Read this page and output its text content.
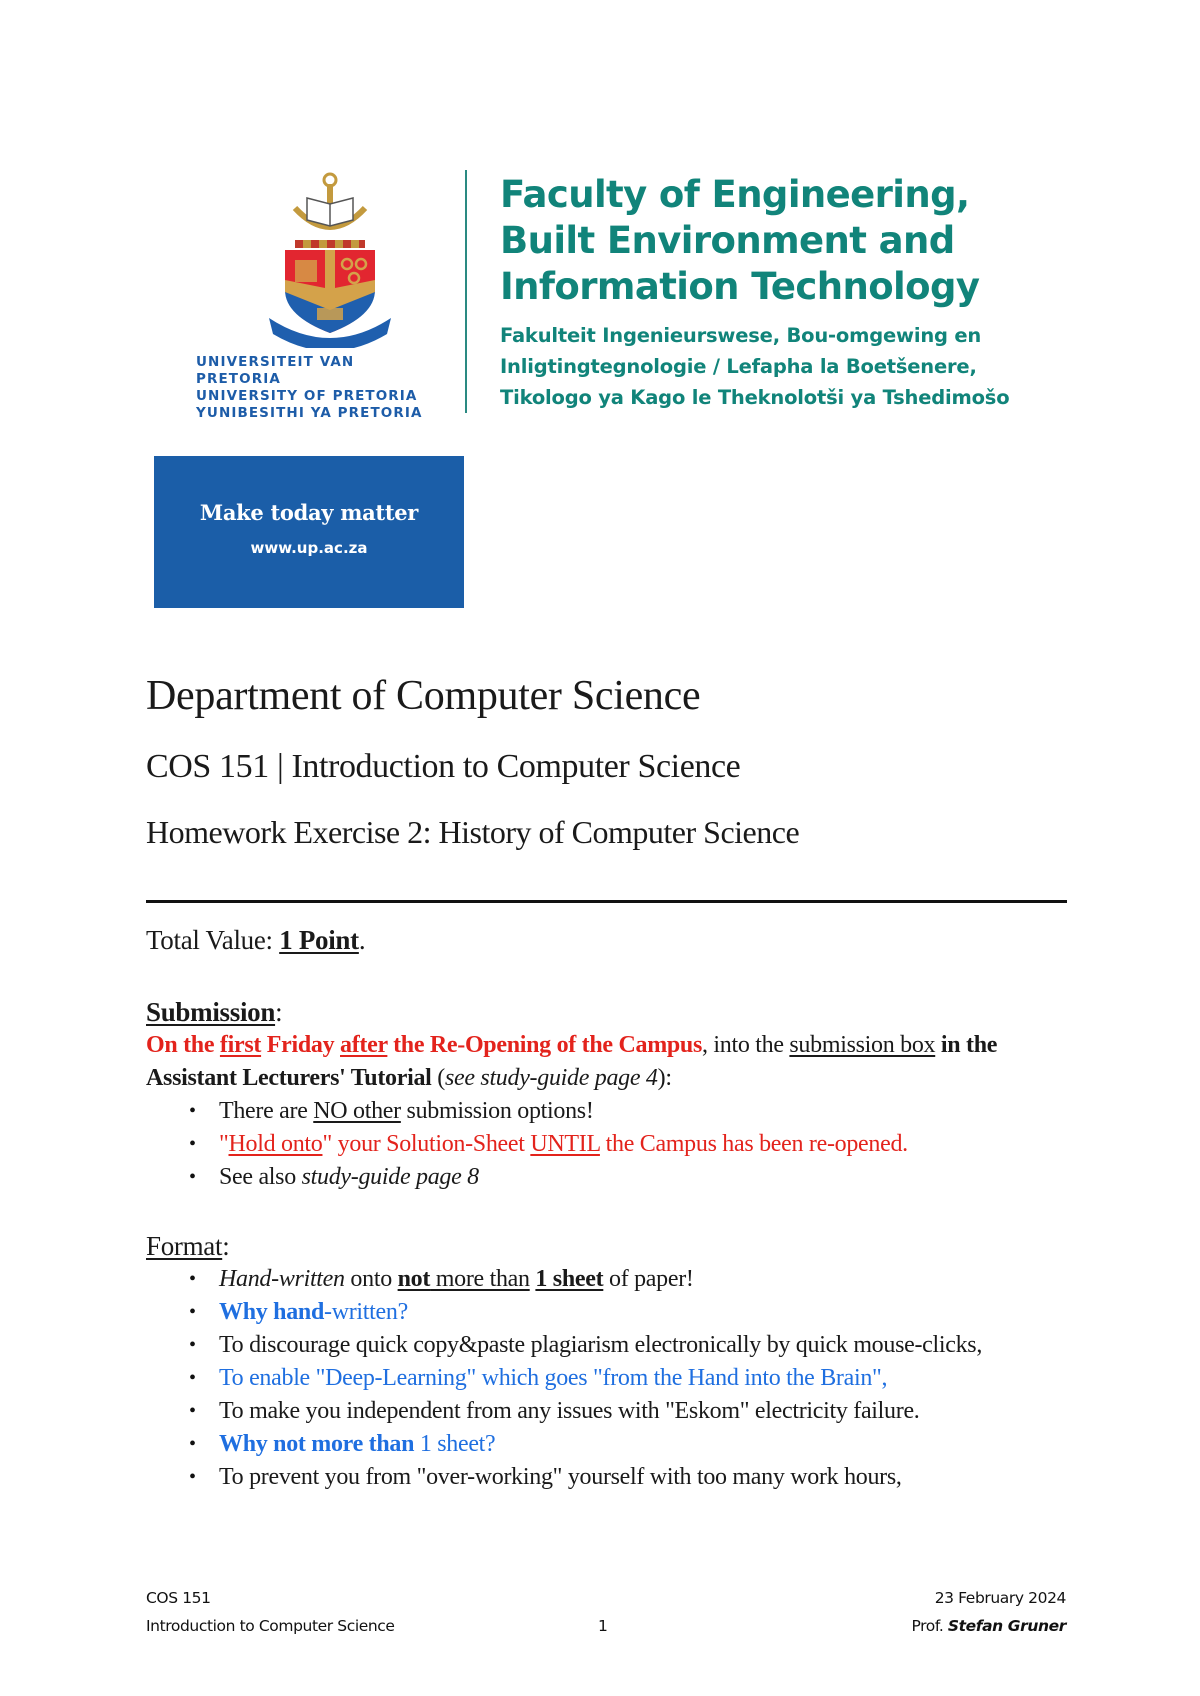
UNIVERSITEIT VAN PRETORIA
UNIVERSITY OF PRETORIA
YUNIBESITHI YA PRETORIA
Faculty of Engineering,
Built Environment and
Information Technology
Fakulteit Ingenieurswese, Bou-omgewing en
Inligtingtegnologie / Lefapha la Boetšenere,
Tikologo ya Kago le Theknolotši ya Tshedimošo
Make today matter
www.up.ac.za
Department of Computer Science
COS 151 | Introduction to Computer Science
Homework Exercise 2: History of Computer Science
Total Value: 1 Point.
Submission:
On the first Friday after the Re-Opening of the Campus, into the submission box in the Assistant Lecturers' Tutorial (see study-guide page 4):
• There are NO other submission options!
• "Hold onto" your Solution-Sheet UNTIL the Campus has been re-opened.
• See also study-guide page 8
Format:
• Hand-written onto not more than 1 sheet of paper!
• Why hand-written?
• To discourage quick copy&paste plagiarism electronically by quick mouse-clicks,
• To enable "Deep-Learning" which goes "from the Hand into the Brain",
• To make you independent from any issues with "Eskom" electricity failure.
• Why not more than 1 sheet?
• To prevent you from "over-working" yourself with too many work hours,
COS 151	23 February 2024
Introduction to Computer Science	1	Prof. Stefan Gruner
